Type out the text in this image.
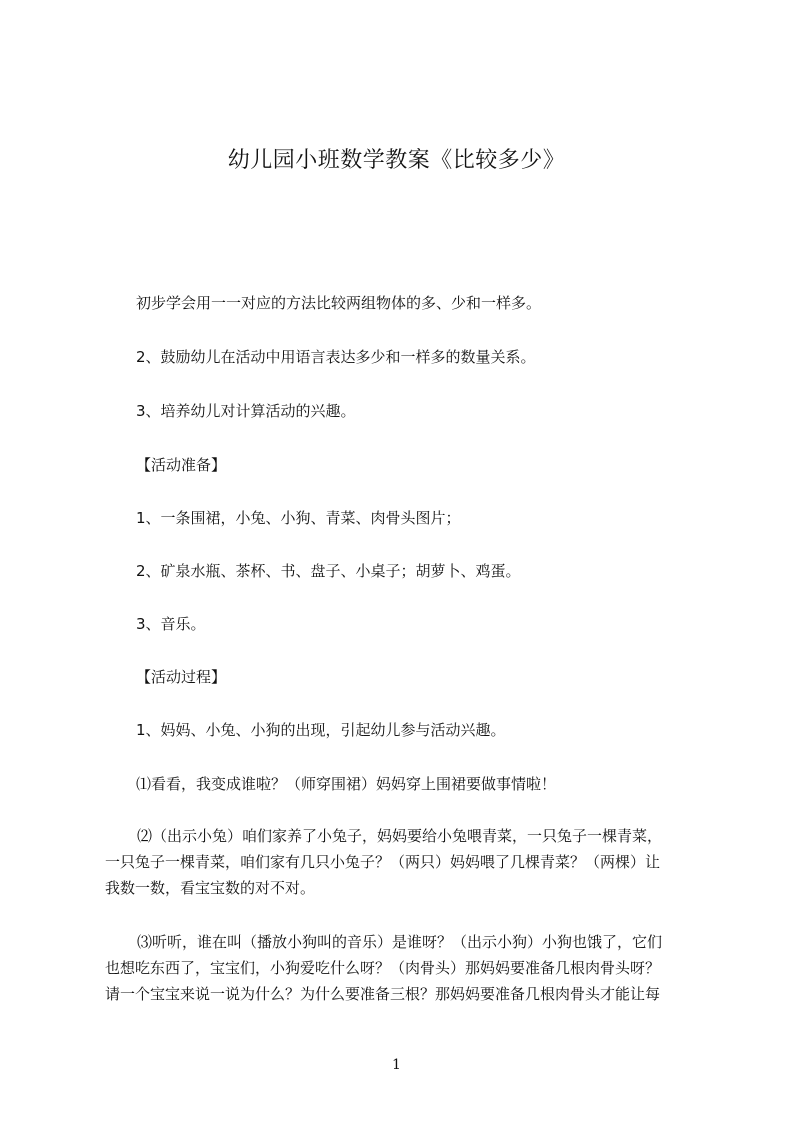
幼儿园小班数学教案《比较多少》
初步学会用一一对应的方法比较两组物体的多、少和一样多。
2、鼓励幼儿在活动中用语言表达多少和一样多的数量关系。
3、培养幼儿对计算活动的兴趣。
【活动准备】
1、一条围裙，小兔、小狗、青菜、肉骨头图片；
2、矿泉水瓶、茶杯、书、盘子、小桌子；胡萝卜、鸡蛋。
3、音乐。
【活动过程】
1、妈妈、小兔、小狗的出现，引起幼儿参与活动兴趣。
⑴看看，我变成谁啦？（师穿围裙）妈妈穿上围裙要做事情啦！
⑵（出示小兔）咱们家养了小兔子，妈妈要给小兔喂青菜，一只兔子一棵青菜，
一只兔子一棵青菜，咱们家有几只小兔子？（两只）妈妈喂了几棵青菜？（两棵）让
我数一数，看宝宝数的对不对。
⑶听听，谁在叫（播放小狗叫的音乐）是谁呀？（出示小狗）小狗也饿了，它们
也想吃东西了，宝宝们，小狗爱吃什么呀？（肉骨头）那妈妈要准备几根肉骨头呀？
请一个宝宝来说一说为什么？为什么要准备三根？那妈妈要准备几根肉骨头才能让每
1
